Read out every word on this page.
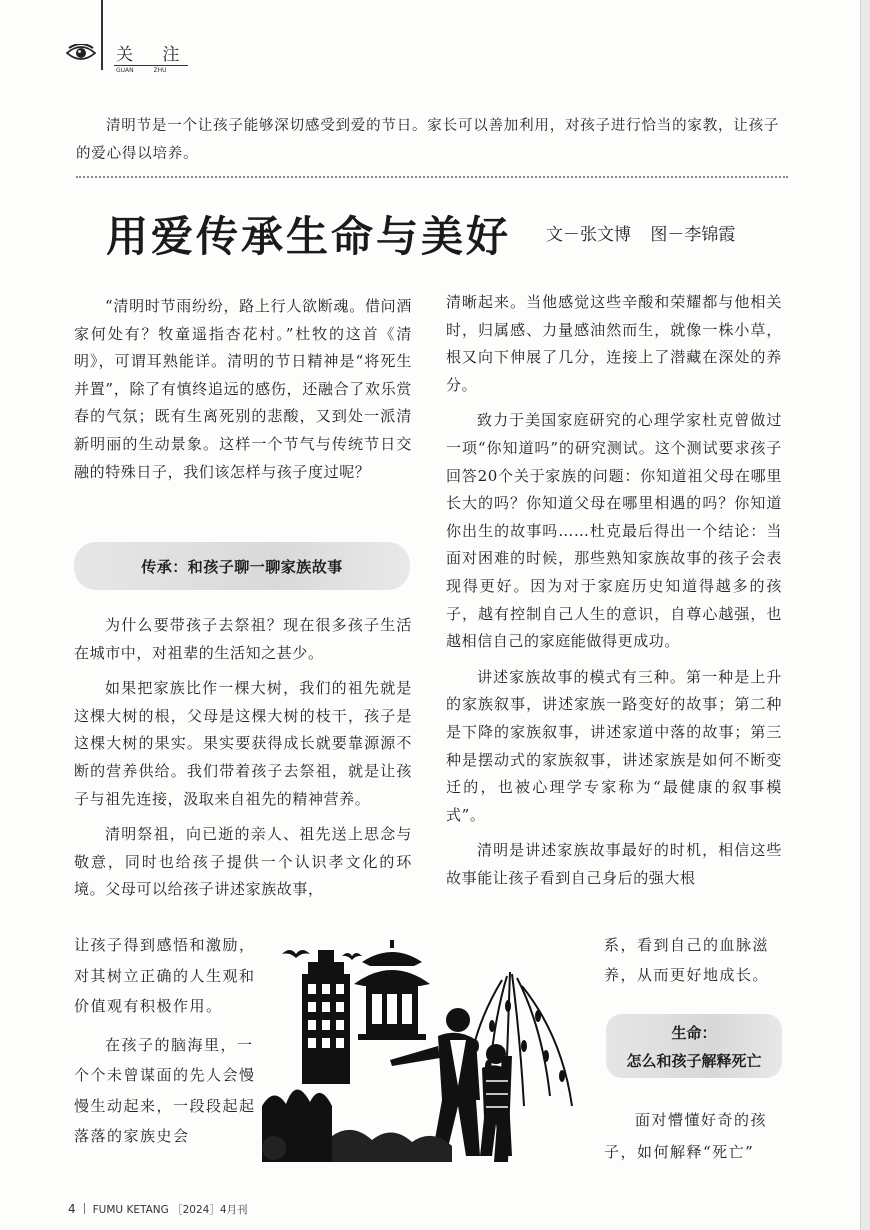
关 注
GUAN	ZHU
清明节是一个让孩子能够深切感受到爱的节日。家长可以善加利用，对孩子进行恰当的家教，让孩子的爱心得以培养。
用爱传承生命与美好 文－张文博 图－李锦霞

“清明时节雨纷纷，路上行人欲断魂。借问酒家何处有？牧童遥指杏花村。”杜牧的这首《清明》，可谓耳熟能详。清明的节日精神是“将死生并置”，除了有慎终追远的感伤，还融合了欢乐赏春的气氛；既有生离死别的悲酸，又到处一派清新明丽的生动景象。这样一个节气与传统节日交融的特殊日子，我们该怎样与孩子度过呢？

传承：和孩子聊一聊家族故事

为什么要带孩子去祭祖？现在很多孩子生活在城市中，对祖辈的生活知之甚少。

如果把家族比作一棵大树，我们的祖先就是这棵大树的根，父母是这棵大树的枝干，孩子是这棵大树的果实。果实要获得成长就要靠源源不断的营养供给。我们带着孩子去祭祖，就是让孩子与祖先连接，汲取来自祖先的精神营养。

清明祭祖，向已逝的亲人、祖先送上思念与敬意，同时也给孩子提供一个认识孝文化的环境。父母可以给孩子讲述家族故事，

让孩子得到感悟和激励，对其树立正确的人生观和价值观有积极作用。

在孩子的脑海里，一个个未曾谋面的先人会慢慢生动起来，一段段起起落落的家族史会

清晰起来。当他感觉这些辛酸和荣耀都与他相关时，归属感、力量感油然而生，就像一株小草，根又向下伸展了几分，连接上了潜藏在深处的养分。

致力于美国家庭研究的心理学家杜克曾做过一项“你知道吗”的研究测试。这个测试要求孩子回答20个关于家族的问题：你知道祖父母在哪里长大的吗？你知道父母在哪里相遇的吗？你知道你出生的故事吗……杜克最后得出一个结论：当面对困难的时候，那些熟知家族故事的孩子会表现得更好。因为对于家庭历史知道得越多的孩子，越有控制自己人生的意识，自尊心越强，也越相信自己的家庭能做得更成功。

讲述家族故事的模式有三种。第一种是上升的家族叙事，讲述家族一路变好的故事；第二种是下降的家族叙事，讲述家道中落的故事；第三种是摆动式的家族叙事，讲述家族是如何不断变迁的，也被心理学专家称为“最健康的叙事模式”。

清明是讲述家族故事最好的时机，相信这些故事能让孩子看到自己身后的强大根

系，看到自己的血脉滋养，从而更好地成长。
生命：
怎么和孩子解释死亡

面对懵懂好奇的孩子，如何解释“死亡”

4 FUMU KETANG ［2024］4月刊
